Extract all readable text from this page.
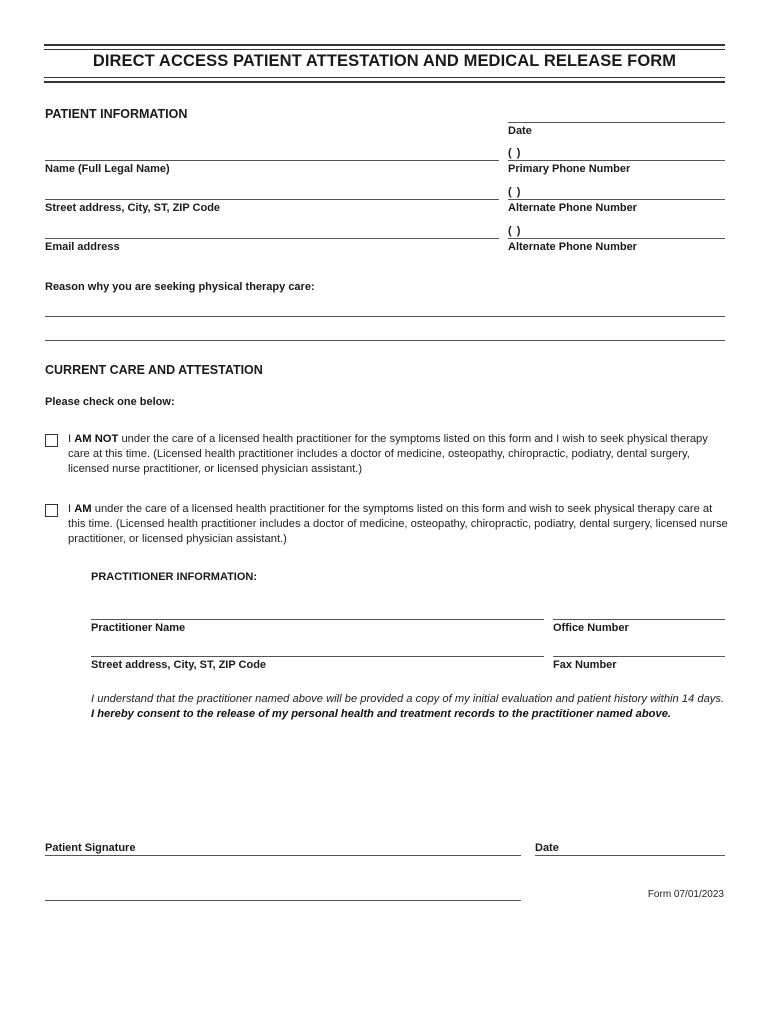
DIRECT ACCESS PATIENT ATTESTATION AND MEDICAL RELEASE FORM
PATIENT INFORMATION
Date
( )
Name (Full Legal Name)	Primary Phone Number
( )
Street address, City, ST, ZIP Code	Alternate Phone Number
( )
Email address	Alternate Phone Number
Reason why you are seeking physical therapy care:
CURRENT CARE AND ATTESTATION
Please check one below:
I AM NOT under the care of a licensed health practitioner for the symptoms listed on this form and I wish to seek physical therapy care at this time. (Licensed health practitioner includes a doctor of medicine, osteopathy, chiropractic, podiatry, dental surgery, licensed nurse practitioner, or licensed physician assistant.)
I AM under the care of a licensed health practitioner for the symptoms listed on this form and wish to seek physical therapy care at this time. (Licensed health practitioner includes a doctor of medicine, osteopathy, chiropractic, podiatry, dental surgery, licensed nurse practitioner, or licensed physician assistant.)
PRACTITIONER INFORMATION:
Practitioner Name	Office Number
Street address, City, ST, ZIP Code	Fax Number
I understand that the practitioner named above will be provided a copy of my initial evaluation and patient history within 14 days. I hereby consent to the release of my personal health and treatment records to the practitioner named above.
Patient Signature	Date
Form 07/01/2023
